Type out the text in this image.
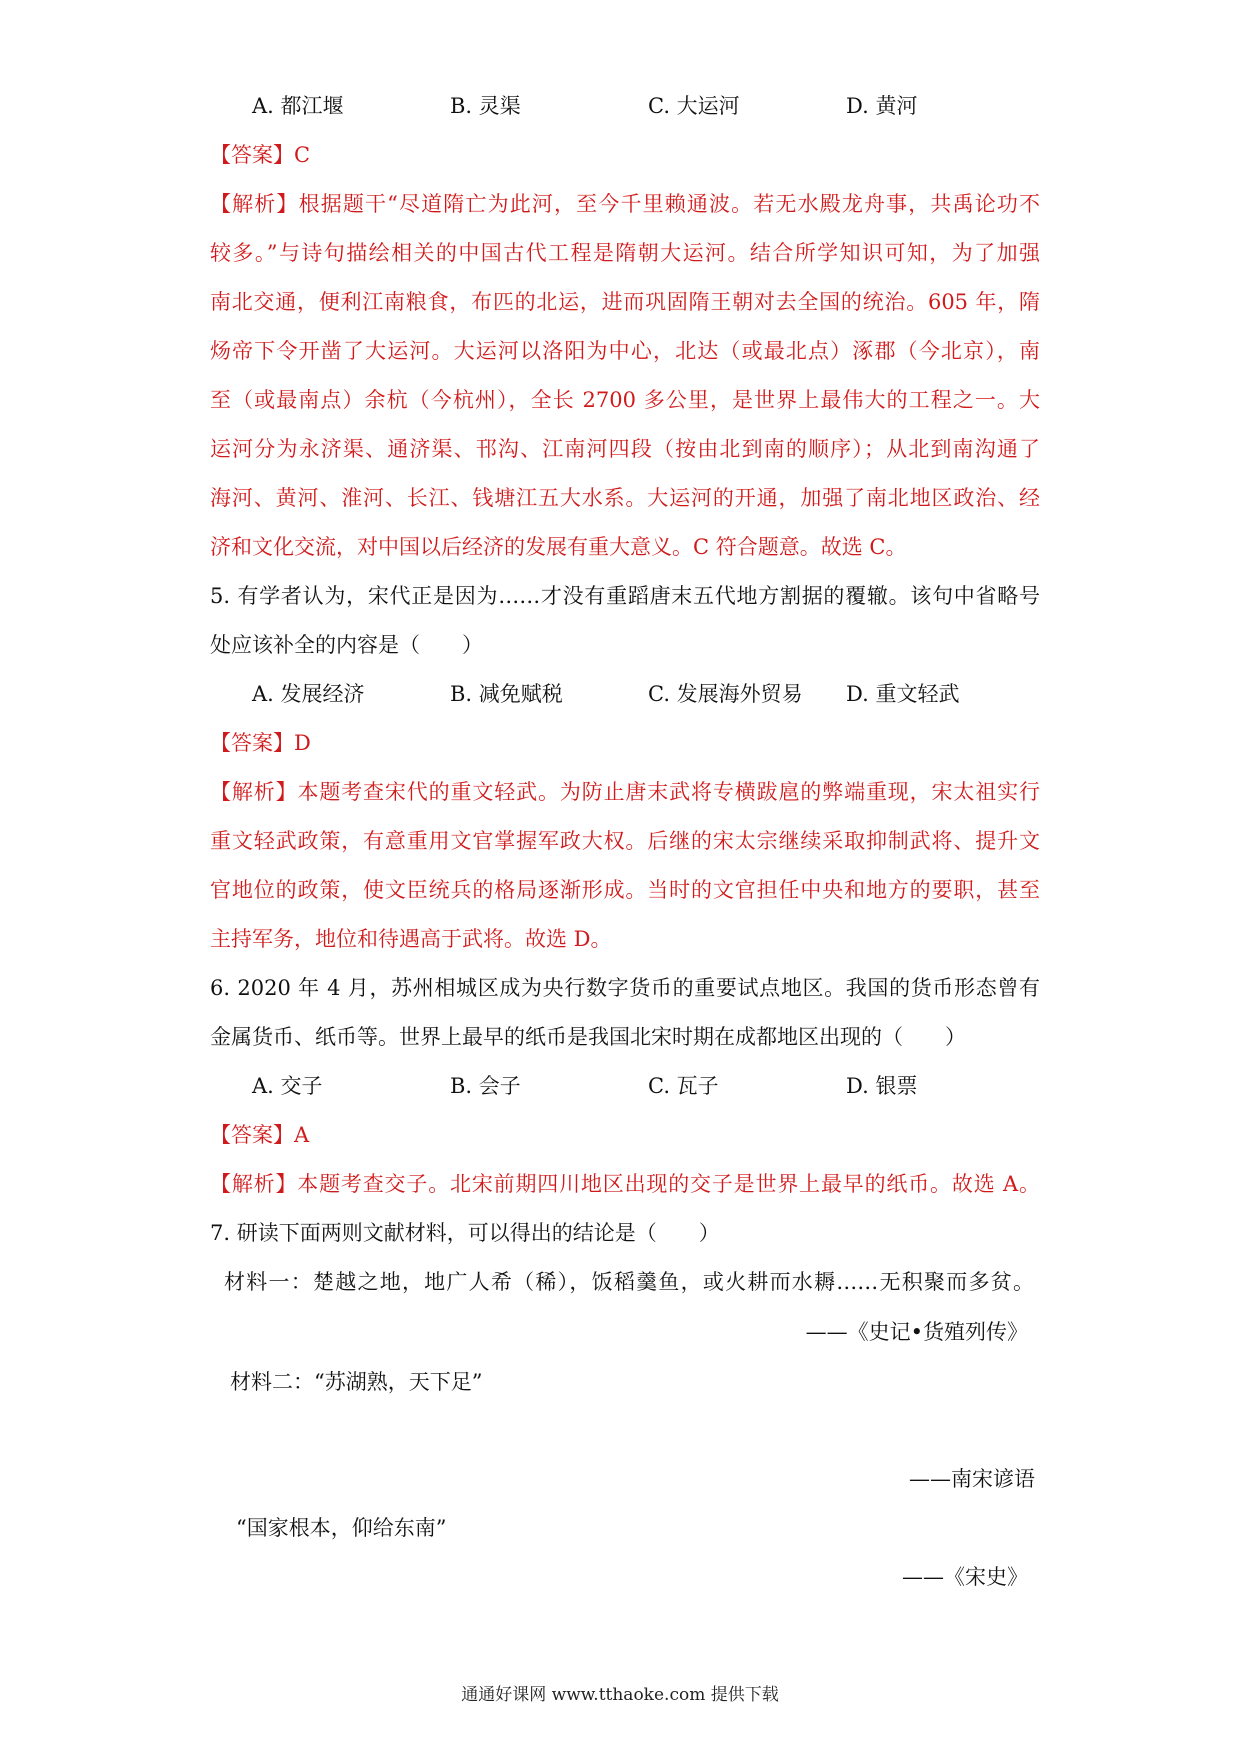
A. 都江堰	B. 灵渠	C. 大运河	D. 黄河
【答案】C
【解析】根据题干“尽道隋亡为此河，至今千里赖通波。若无水殿龙舟事，共禹论功不
较多。”与诗句描绘相关的中国古代工程是隋朝大运河。结合所学知识可知，为了加强
南北交通，便利江南粮食，布匹的北运，进而巩固隋王朝对去全国的统治。605 年，隋
炀帝下令开凿了大运河。大运河以洛阳为中心，北达（或最北点）涿郡（今北京），南
至（或最南点）余杭（今杭州），全长 2700 多公里，是世界上最伟大的工程之一。大
运河分为永济渠、通济渠、邗沟、江南河四段（按由北到南的顺序）；从北到南沟通了
海河、黄河、淮河、长江、钱塘江五大水系。大运河的开通，加强了南北地区政治、经
济和文化交流，对中国以后经济的发展有重大意义。C 符合题意。故选 C。
5. 有学者认为，宋代正是因为……才没有重蹈唐末五代地方割据的覆辙。该句中省略号
处应该补全的内容是（　　）
A. 发展经济	B. 减免赋税	C. 发展海外贸易 D. 重文轻武
【答案】D
【解析】本题考查宋代的重文轻武。为防止唐末武将专横跋扈的弊端重现，宋太祖实行
重文轻武政策，有意重用文官掌握军政大权。后继的宋太宗继续采取抑制武将、提升文
官地位的政策，使文臣统兵的格局逐渐形成。当时的文官担任中央和地方的要职，甚至
主持军务，地位和待遇高于武将。故选 D。
6. 2020 年 4 月，苏州相城区成为央行数字货币的重要试点地区。我国的货币形态曾有
金属货币、纸币等。世界上最早的纸币是我国北宋时期在成都地区出现的（　　）
A. 交子	B. 会子	C. 瓦子	D. 银票
【答案】A
【解析】本题考查交子。北宋前期四川地区出现的交子是世界上最早的纸币。故选 A。
7. 研读下面两则文献材料，可以得出的结论是（　　）
材料一：楚越之地，地广人希（稀），饭稻羹鱼，或火耕而水耨……无积聚而多贫。
——《史记•货殖列传》
材料二：“苏湖熟，天下足”
——南宋谚语
“国家根本，仰给东南”
——《宋史》
通通好课网 www.tthaoke.com 提供下载
